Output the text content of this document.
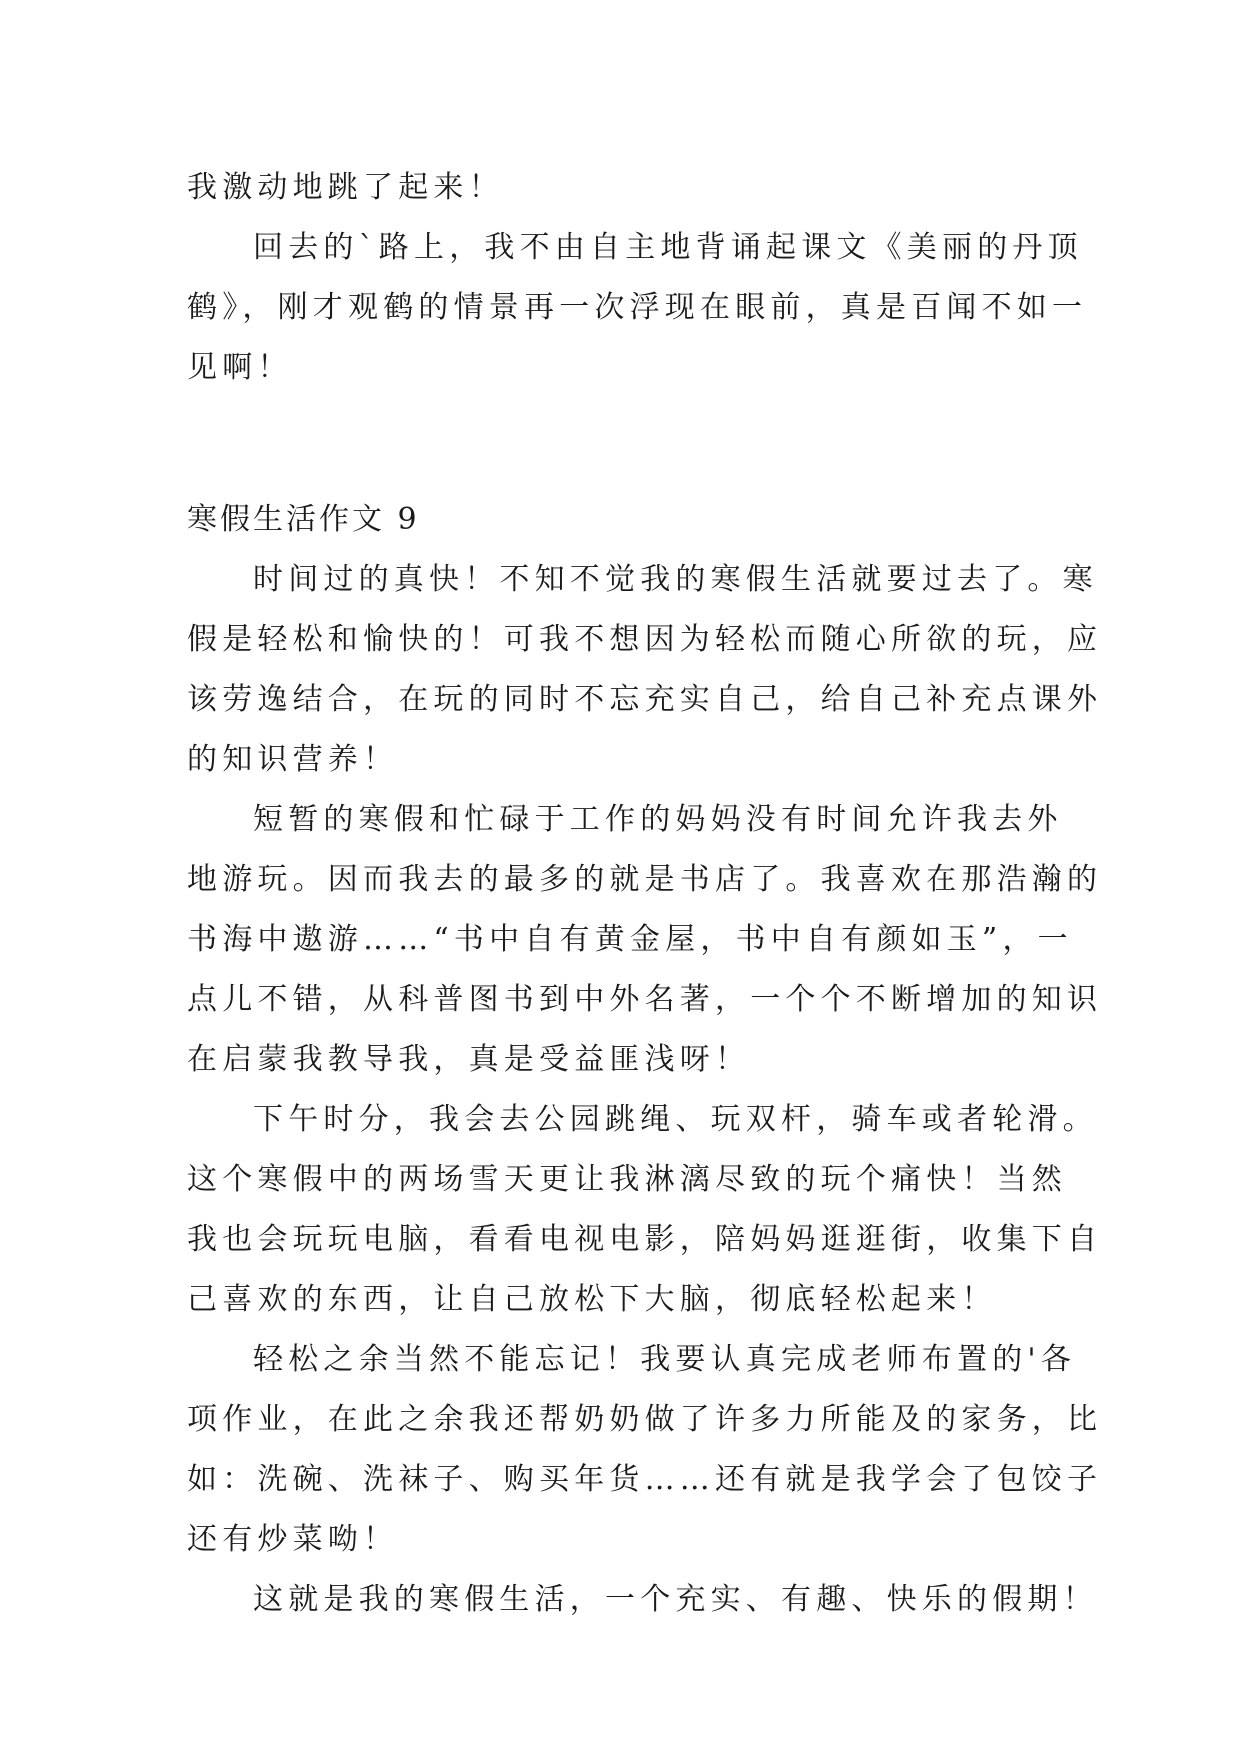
我激动地跳了起来！
回去的`路上，我不由自主地背诵起课文《美丽的丹顶
鹤》，刚才观鹤的情景再一次浮现在眼前，真是百闻不如一
见啊！
寒假生活作文 9
时间过的真快！不知不觉我的寒假生活就要过去了。寒
假是轻松和愉快的！可我不想因为轻松而随心所欲的玩，应
该劳逸结合，在玩的同时不忘充实自己，给自己补充点课外
的知识营养！
短暂的寒假和忙碌于工作的妈妈没有时间允许我去外
地游玩。因而我去的最多的就是书店了。我喜欢在那浩瀚的
书海中遨游……“书中自有黄金屋，书中自有颜如玉”，一
点儿不错，从科普图书到中外名著，一个个不断增加的知识
在启蒙我教导我，真是受益匪浅呀！
下午时分，我会去公园跳绳、玩双杆，骑车或者轮滑。
这个寒假中的两场雪天更让我淋漓尽致的玩个痛快！当然
我也会玩玩电脑，看看电视电影，陪妈妈逛逛街，收集下自
己喜欢的东西，让自己放松下大脑，彻底轻松起来！
轻松之余当然不能忘记！我要认真完成老师布置的'各
项作业，在此之余我还帮奶奶做了许多力所能及的家务，比
如：洗碗、洗袜子、购买年货……还有就是我学会了包饺子
还有炒菜呦！
这就是我的寒假生活，一个充实、有趣、快乐的假期！
